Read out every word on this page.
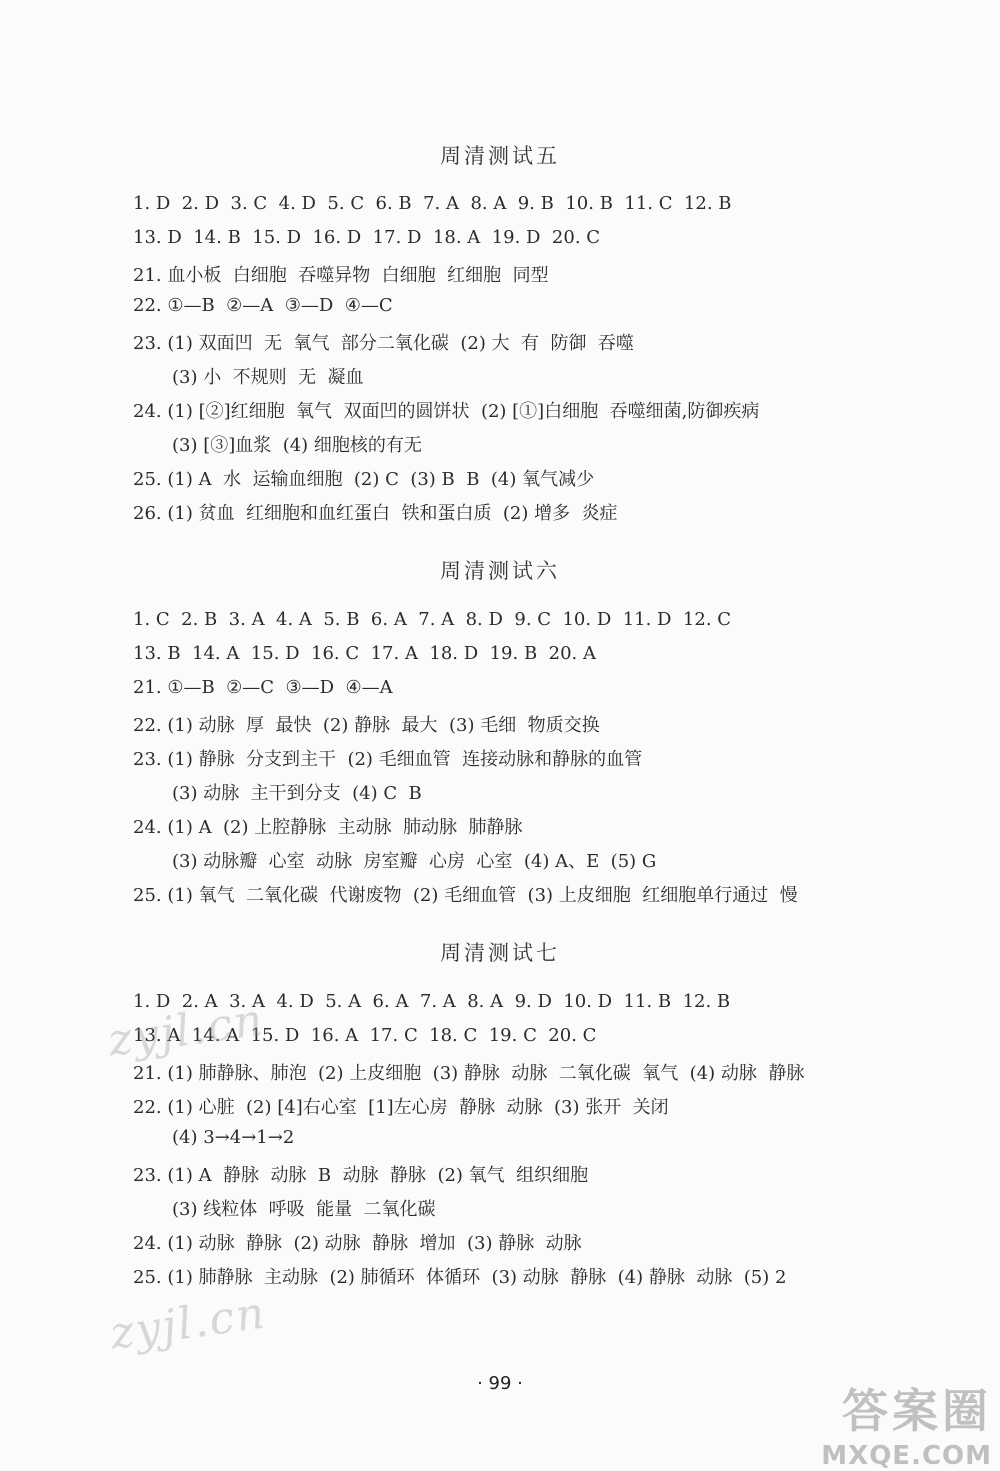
周清测试五
1. D  2. D  3. C  4. D  5. C  6. B  7. A  8. A  9. B  10. B  11. C  12. B
13. D  14. B  15. D  16. D  17. D  18. A  19. D  20. C
21. 血小板  白细胞  吞噬异物  白细胞  红细胞  同型
22. ①—B  ②—A  ③—D  ④—C
23. (1) 双面凹  无  氧气  部分二氧化碳  (2) 大  有  防御  吞噬
(3) 小  不规则  无  凝血
24. (1) [②]红细胞  氧气  双面凹的圆饼状  (2) [①]白细胞  吞噬细菌,防御疾病
(3) [③]血浆  (4) 细胞核的有无
25. (1) A  水  运输血细胞  (2) C  (3) B  B  (4) 氧气减少
26. (1) 贫血  红细胞和血红蛋白  铁和蛋白质  (2) 增多  炎症
周清测试六
1. C  2. B  3. A  4. A  5. B  6. A  7. A  8. D  9. C  10. D  11. D  12. C
13. B  14. A  15. D  16. C  17. A  18. D  19. B  20. A
21. ①—B  ②—C  ③—D  ④—A
22. (1) 动脉  厚  最快  (2) 静脉  最大  (3) 毛细  物质交换
23. (1) 静脉  分支到主干  (2) 毛细血管  连接动脉和静脉的血管
(3) 动脉  主干到分支  (4) C  B
24. (1) A  (2) 上腔静脉  主动脉  肺动脉  肺静脉
(3) 动脉瓣  心室  动脉  房室瓣  心房  心室  (4) A、E  (5) G
25. (1) 氧气  二氧化碳  代谢废物  (2) 毛细血管  (3) 上皮细胞  红细胞单行通过  慢
周清测试七
1. D  2. A  3. A  4. D  5. A  6. A  7. A  8. A  9. D  10. D  11. B  12. B
13. A  14. A  15. D  16. A  17. C  18. C  19. C  20. C
21. (1) 肺静脉、肺泡  (2) 上皮细胞  (3) 静脉  动脉  二氧化碳  氧气  (4) 动脉  静脉
22. (1) 心脏  (2) [4]右心室  [1]左心房  静脉  动脉  (3) 张开  关闭
(4) 3→4→1→2
23. (1) A  静脉  动脉  B  动脉  静脉  (2) 氧气  组织细胞
(3) 线粒体  呼吸  能量  二氧化碳
24. (1) 动脉  静脉  (2) 动脉  静脉  增加  (3) 静脉  动脉
25. (1) 肺静脉  主动脉  (2) 肺循环  体循环  (3) 动脉  静脉  (4) 静脉  动脉  (5) 2
· 99 ·
zyjl.cn
zyjl.cn
答案圈
MXQE.COM
